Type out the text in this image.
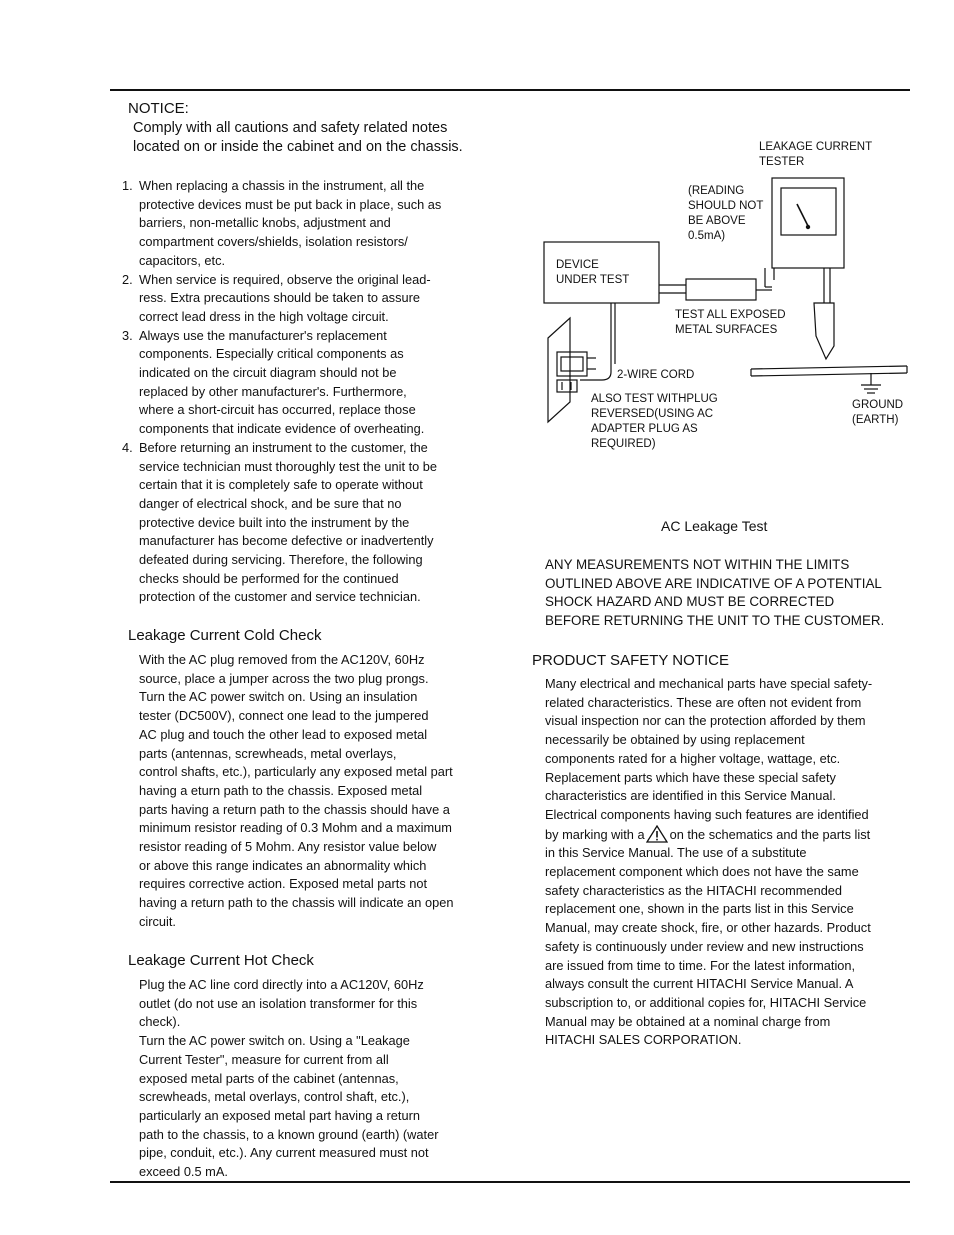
NOTICE:
Comply with all cautions and safety related notes
located on or inside the cabinet and on the chassis.
1. When replacing a chassis in the instrument, all the
protective devices must be put back in place, such as
barriers, non-metallic knobs, adjustment and
compartment covers/shields, isolation resistors/
capacitors, etc.
2. When service is required, observe the original lead-
ress. Extra precautions should be taken to assure
correct lead dress in the high voltage circuit.
3. Always use the manufacturer's replacement
components. Especially critical components as
indicated on the circuit diagram should not be
replaced by other manufacturer's. Furthermore,
where a short-circuit has occurred, replace those
components that indicate evidence of overheating.
4. Before returning an instrument to the customer, the
service technician must thoroughly test the unit to be
certain that it is completely safe to operate without
danger of electrical shock, and be sure that no
protective device built into the instrument by the
manufacturer has become defective or inadvertently
defeated during servicing. Therefore, the following
checks should be performed for the continued
protection of the customer and service technician.
Leakage Current Cold Check
With the AC plug removed from the AC120V, 60Hz
source, place a jumper across the two plug prongs.
Turn the AC power switch on. Using an insulation
tester (DC500V), connect one lead to the jumpered
AC plug and touch the other lead to exposed metal
parts (antennas, screwheads, metal overlays,
control shafts, etc.), particularly any exposed metal part
having a eturn path to the chassis. Exposed metal
parts having a return path to the chassis should have a
minimum resistor reading of 0.3 Mohm and a maximum
resistor reading of 5 Mohm. Any resistor value below
or above this range indicates an abnormality which
requires corrective action. Exposed metal parts not
having a return path to the chassis will indicate an open
circuit.
Leakage Current Hot Check
Plug the AC line cord directly into a AC120V, 60Hz
outlet (do not use an isolation transformer for this
check).
Turn the AC power switch on. Using a "Leakage
Current Tester", measure for current from all
exposed metal parts of the cabinet (antennas,
screwheads, metal overlays, control shaft, etc.),
particularly an exposed metal part having a return
path to the chassis, to a known ground (earth) (water
pipe, conduit, etc.). Any current measured must not
exceed 0.5 mA.
LEAKAGE CURRENT
TESTER
(READING
SHOULD NOT
BE ABOVE
0.5mA)
DEVICE
UNDER TEST
TEST ALL EXPOSED
METAL SURFACES
2-WIRE CORD
ALSO TEST WITHPLUG
REVERSED(USING AC
ADAPTER PLUG AS
REQUIRED)
GROUND
(EARTH)
AC Leakage Test
ANY MEASUREMENTS NOT WITHIN THE LIMITS
OUTLINED ABOVE ARE INDICATIVE OF A POTENTIAL
SHOCK HAZARD AND MUST BE CORRECTED
BEFORE RETURNING THE UNIT TO THE CUSTOMER.
PRODUCT SAFETY NOTICE
Many electrical and mechanical parts have special safety-
related characteristics. These are often not evident from
visual inspection nor can the protection afforded by them
necessarily be obtained by using replacement
components rated for a higher voltage, wattage, etc.
Replacement parts which have these special safety
characteristics are identified in this Service Manual.
Electrical components having such features are identified
by marking with a on the schematics and the parts list
in this Service Manual. The use of a substitute
replacement component which does not have the same
safety characteristics as the HITACHI recommended
replacement one, shown in the parts list in this Service
Manual, may create shock, fire, or other hazards. Product
safety is continuously under review and new instructions
are issued from time to time. For the latest information,
always consult the current HITACHI Service Manual. A
subscription to, or additional copies for, HITACHI Service
Manual may be obtained at a nominal charge from
HITACHI SALES CORPORATION.
